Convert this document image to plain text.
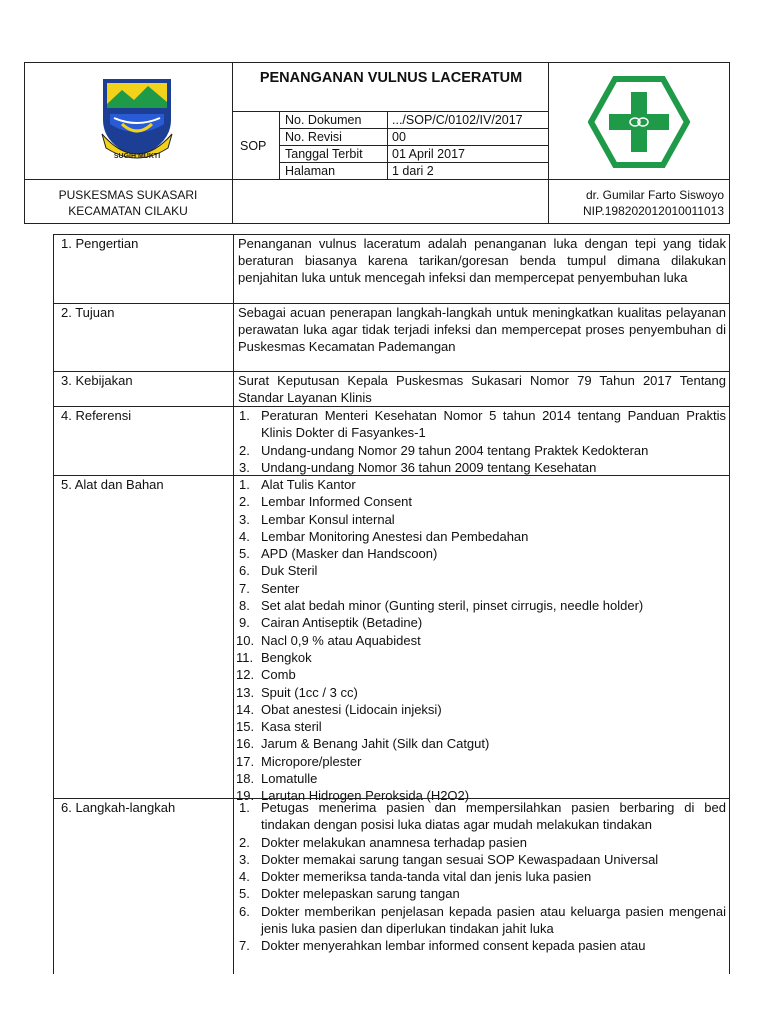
SUGIH MUKTI
PENANGANAN VULNUS LACERATUM
SOP
No. Dokumen .../SOP/C/0102/IV/2017
No. Revisi	00
Tanggal Terbit 01 April 2017
Halaman	1 dari 2
PUSKESMAS SUKASARI
KECAMATAN CILAKU
dr. Gumilar Farto Siswoyo
NIP.198202012010011013
1. Pengertian	Penanganan vulnus laceratum adalah penanganan luka dengan tepi yang tidak beraturan biasanya karena tarikan/goresan benda tumpul dimana dilakukan penjahitan luka untuk mencegah infeksi dan mempercepat penyembuhan luka
2. Tujuan	Sebagai acuan penerapan langkah-langkah untuk meningkatkan kualitas pelayanan perawatan luka agar tidak terjadi infeksi dan mempercepat proses penyembuhan di Puskesmas Kecamatan Pademangan
3. Kebijakan	Surat Keputusan Kepala Puskesmas Sukasari Nomor 79 Tahun 2017 Tentang Standar Layanan Klinis
4. Referensi	1. Peraturan Menteri Kesehatan Nomor 5 tahun 2014 tentang Panduan Praktis Klinis Dokter di Fasyankes-1
2. Undang-undang Nomor 29 tahun 2004 tentang Praktek Kedokteran
3. Undang-undang Nomor 36 tahun 2009 tentang Kesehatan
5. Alat dan Bahan	1. Alat Tulis Kantor
2. Lembar Informed Consent
3. Lembar Konsul internal
4. Lembar Monitoring Anestesi dan Pembedahan
5. APD (Masker dan Handscoon)
6. Duk Steril
7. Senter
8. Set alat bedah minor (Gunting steril, pinset cirrugis, needle holder)
9. Cairan Antiseptik (Betadine)
10. Nacl 0,9 % atau Aquabidest
11. Bengkok
12. Comb
13. Spuit (1cc / 3 cc)
14. Obat anestesi (Lidocain injeksi)
15. Kasa steril
16. Jarum & Benang Jahit (Silk dan Catgut)
17. Micropore/plester
18. Lomatulle
19. Larutan Hidrogen Peroksida (H2O2)
6. Langkah-langkah	1. Petugas menerima pasien dan mempersilahkan pasien berbaring di bed tindakan dengan posisi luka diatas agar mudah melakukan tindakan
2. Dokter melakukan anamnesa terhadap pasien
3. Dokter memakai sarung tangan sesuai SOP Kewaspadaan Universal
4. Dokter memeriksa tanda-tanda vital dan jenis luka pasien
5. Dokter melepaskan sarung tangan
6. Dokter memberikan penjelasan kepada pasien atau keluarga pasien mengenai jenis luka pasien dan diperlukan tindakan jahit luka
7. Dokter menyerahkan lembar informed consent kepada pasien atau
